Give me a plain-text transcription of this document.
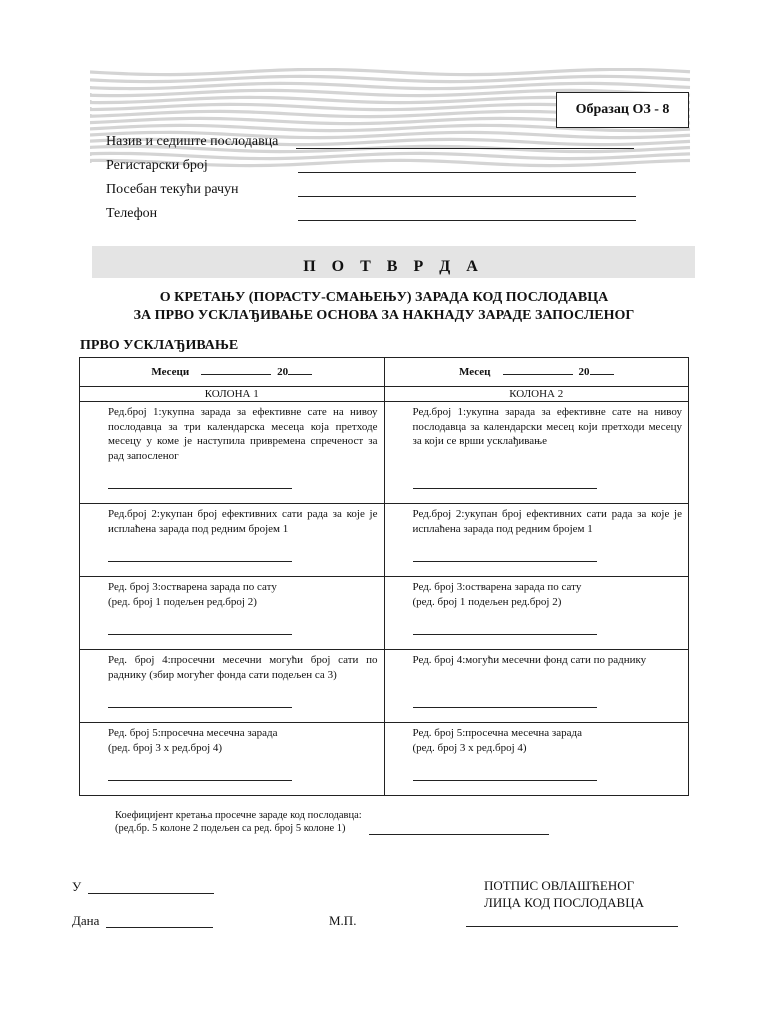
Образац ОЗ - 8
Назив и седиште послодавца
Регистарски број
Посебан текући рачун
Телефон
П О Т В Р Д А
О КРЕТАЊУ (ПОРАСТУ-СМАЊЕЊУ) ЗАРАДА КОД ПОСЛОДАВЦА
ЗА ПРВО УСКЛАЂИВАЊЕ ОСНОВА ЗА НАКНАДУ ЗАРАДЕ ЗАПОСЛЕНОГ
ПРВО УСКЛАЂИВАЊЕ
Месеци 20	Месец 20
КОЛОНА 1	КОЛОНА 2

Ред.број 1:укупна зарада за ефективне сате на нивоу послодавца за три календарска месеца која претходе месецу у коме је наступила привремена спреченост за рад запосленог	Ред.број 1:укупна зарада за ефективне сате на нивоу послодавца за календарски месец који претходи месецу за који се врши усклађивање

Ред.број 2:укупан број ефективних сати рада за које је исплаћена зарада под редним бројем 1	Ред.број 2:укупан број ефективних сати рада за које је исплаћена зарада под редним бројем 1

Ред. број 3:остварена зарада по сату
(ред. број 1 подељен ред.број 2)	Ред. број 3:остварена зарада по сату
(ред. број 1 подељен ред.број 2)

Ред. број 4:просечни месечни могући број сати по раднику (збир могућег фонда сати подељен са 3)	Ред. број 4:могући месечни фонд сати по раднику

Ред. број 5:просечна месечна зарада
(ред. број 3 х ред.број 4)	Ред. број 5:просечна месечна зарада
(ред. број 3 х ред.број 4)
Коефицијент кретања просечне зараде код послодавца:
(ред.бр. 5 колоне 2 подељен са ред. број 5 колоне 1)
У
Дана	М.П.
ПОТПИС ОВЛАШЋЕНОГ
ЛИЦА КОД ПОСЛОДАВЦА
